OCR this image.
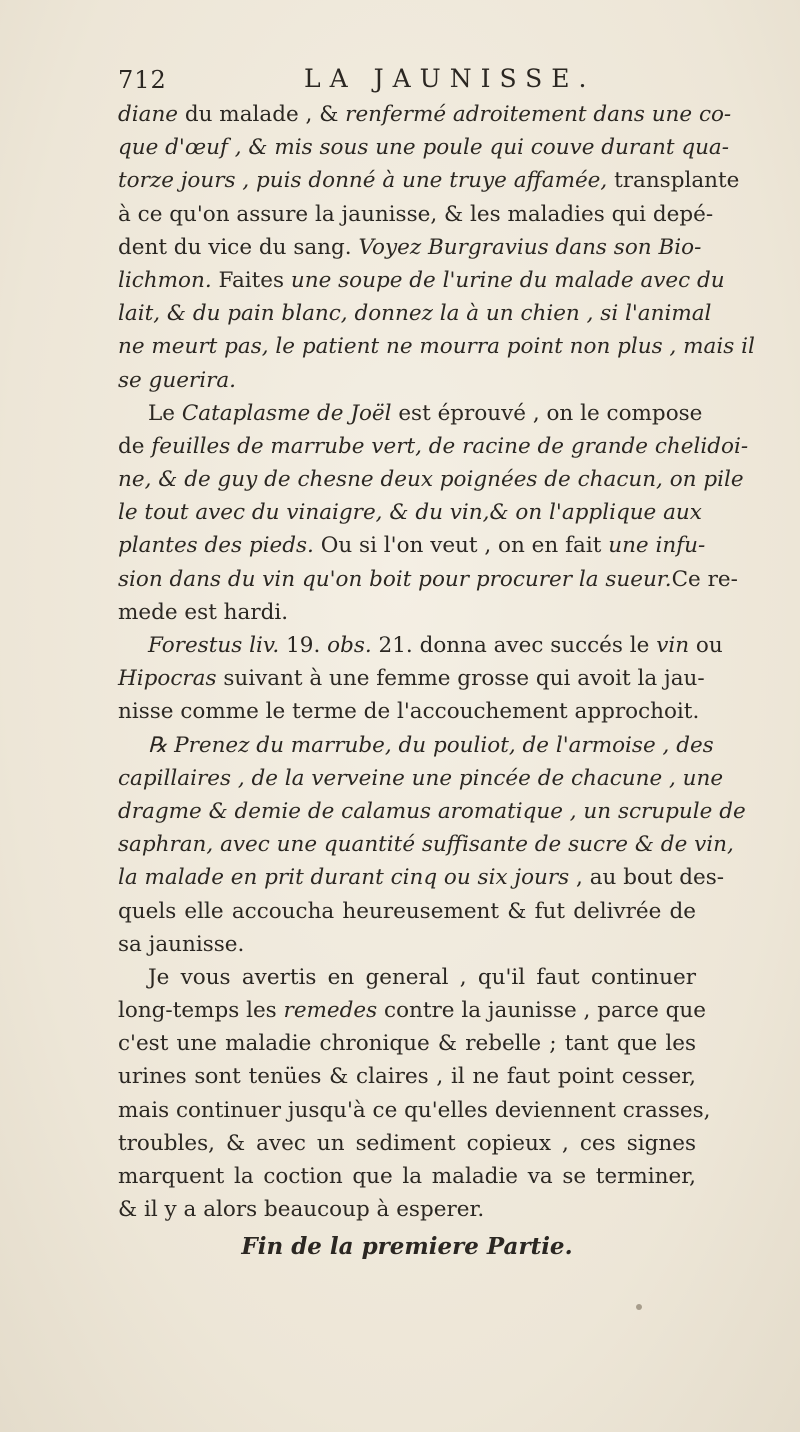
712	LA JAUNISSE.
diane du malade , & renfermé adroitement dans une co-
que d'œuf , & mis sous une poule qui couve durant qua-
torze jours , puis donné à une truye affamée, transplante
à ce qu'on assure la jaunisse, & les maladies qui depé-
dent du vice du sang. Voyez Burgravius dans son Bio-
lichmon. Faites une soupe de l'urine du malade avec du
lait, & du pain blanc, donnez la à un chien , si l'animal
ne meurt pas, le patient ne mourra point non plus , mais il
se guerira.
Le Cataplasme de Joël est éprouvé , on le compose
de feuilles de marrube vert, de racine de grande chelidoi-
ne, & de guy de chesne deux poignées de chacun, on pile
le tout avec du vinaigre, & du vin,& on l'applique aux
plantes des pieds. Ou si l'on veut , on en fait une infu-
sion dans du vin qu'on boit pour procurer la sueur.Ce re-
mede est hardi.
Forestus liv. 19. obs. 21. donna avec succés le vin ou
Hipocras suivant à une femme grosse qui avoit la jau-
nisse comme le terme de l'accouchement approchoit.
℞ Prenez du marrube, du pouliot, de l'armoise , des
capillaires , de la verveine une pincée de chacune , une
dragme & demie de calamus aromatique , un scrupule de
saphran, avec une quantité suffisante de sucre & de vin,
la malade en prit durant cinq ou six jours , au bout des-
quels elle accoucha heureusement & fut delivrée de
sa jaunisse.
Je vous avertis en general , qu'il faut continuer
long-temps les remedes contre la jaunisse , parce que
c'est une maladie chronique & rebelle ; tant que les
urines sont tenües & claires , il ne faut point cesser,
mais continuer jusqu'à ce qu'elles deviennent crasses,
troubles, & avec un sediment copieux , ces signes
marquent la coction que la maladie va se terminer,
& il y a alors beaucoup à esperer.
Fin de la premiere Partie.
